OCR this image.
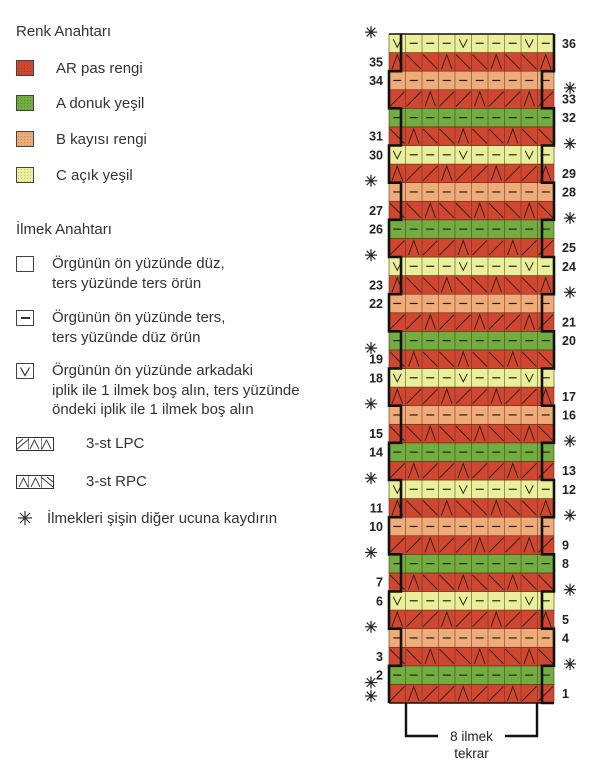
Renk Anahtarı
AR pas rengi
A donuk yeşil
B kayısı rengi
C açık yeşil
İlmek Anahtarı
Örgünün ön yüzünde düz,
ters yüzünde ters örün
Örgünün ön yüzünde ters,
ters yüzünde düz örün
Örgünün ön yüzünde arkadaki
iplik ile 1 ilmek boş alın, ters yüzünde
öndeki iplik ile 1 ilmek boş alın
3-st LPC
3-st RPC
İlmekleri şişin diğer ucuna kaydırın
1
2
3
4
5
6
7
8
9
10
11
12
13
14
15
16
17
18
19
20
21
22
23
24
25
26
27
28
29
30
31
32
33
34
35
36
8 ilmek
tekrar
